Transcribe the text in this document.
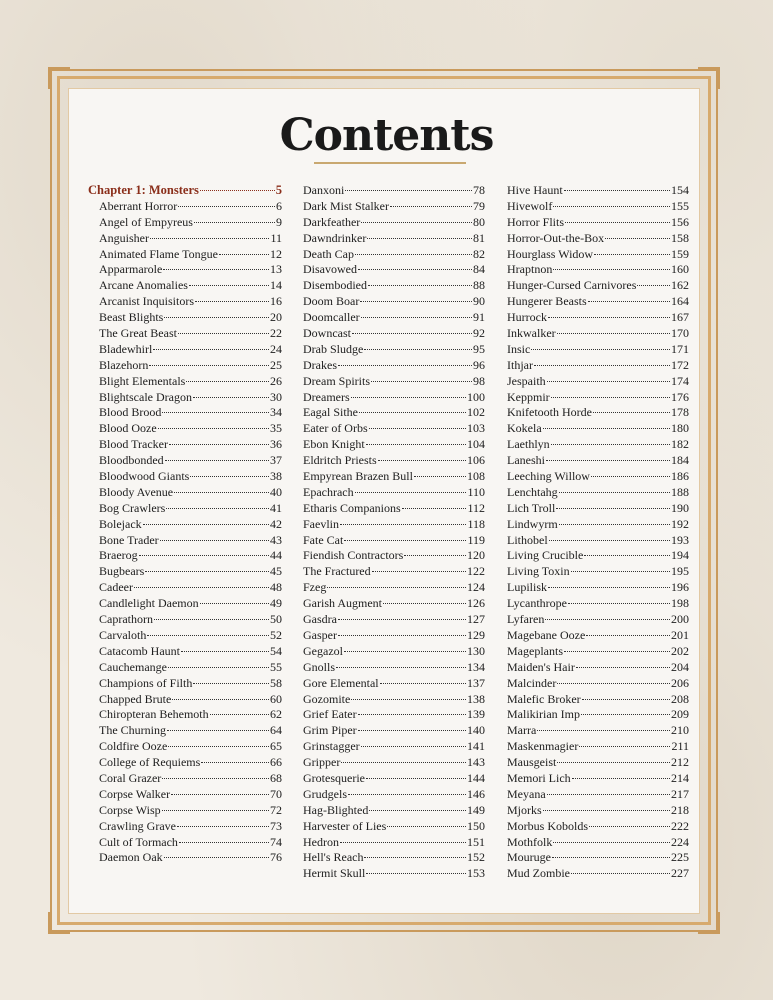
Contents
Chapter 1: Monsters	5
Aberrant Horror	6
Angel of Empyreus	9
Anguisher	11
Animated Flame Tongue	12
Apparmarole	13
Arcane Anomalies	14
Arcanist Inquisitors	16
Beast Blights	20
The Great Beast	22
Bladewhirl	24
Blazehorn	25
Blight Elementals	26
Blightscale Dragon	30
Blood Brood	34
Blood Ooze	35
Blood Tracker	36
Bloodbonded	37
Bloodwood Giants	38
Bloody Avenue	40
Bog Crawlers	41
Bolejack	42
Bone Trader	43
Braerog	44
Bugbears	45
Cadeer	48
Candlelight Daemon	49
Caprathorn	50
Carvaloth	52
Catacomb Haunt	54
Cauchemange	55
Champions of Filth	58
Chapped Brute	60
Chiropteran Behemoth	62
The Churning	64
Coldfire Ooze	65
College of Requiems	66
Coral Grazer	68
Corpse Walker	70
Corpse Wisp	72
Crawling Grave	73
Cult of Tormach	74
Daemon Oak	76
Danxoni	78
Dark Mist Stalker	79
Darkfeather	80
Dawndrinker	81
Death Cap	82
Disavowed	84
Disembodied	88
Doom Boar	90
Doomcaller	91
Downcast	92
Drab Sludge	95
Drakes	96
Dream Spirits	98
Dreamers	100
Eagal Sithe	102
Eater of Orbs	103
Ebon Knight	104
Eldritch Priests	106
Empyrean Brazen Bull	108
Epachrach	110
Etharis Companions	112
Faevlin	118
Fate Cat	119
Fiendish Contractors	120
The Fractured	122
Fzeg	124
Garish Augment	126
Gasdra	127
Gasper	129
Gegazol	130
Gnolls	134
Gore Elemental	137
Gozomite	138
Grief Eater	139
Grim Piper	140
Grinstagger	141
Gripper	143
Grotesquerie	144
Grudgels	146
Hag-Blighted	149
Harvester of Lies	150
Hedron	151
Hell's Reach	152
Hermit Skull	153
Hive Haunt	154
Hivewolf	155
Horror Flits	156
Horror-Out-the-Box	158
Hourglass Widow	159
Hraptnon	160
Hunger-Cursed Carnivores	162
Hungerer Beasts	164
Hurrock	167
Inkwalker	170
Insic	171
Ithjar	172
Jespaith	174
Keppmir	176
Knifetooth Horde	178
Kokela	180
Laethlyn	182
Laneshi	184
Leeching Willow	186
Lenchtahg	188
Lich Troll	190
Lindwyrm	192
Lithobel	193
Living Crucible	194
Living Toxin	195
Lupilisk	196
Lycanthrope	198
Lyfaren	200
Magebane Ooze	201
Mageplants	202
Maiden's Hair	204
Malcinder	206
Malefic Broker	208
Malikirian Imp	209
Marra	210
Maskenmagier	211
Mausgeist	212
Memori Lich	214
Meyana	217
Mjorks	218
Morbus Kobolds	222
Mothfolk	224
Mouruge	225
Mud Zombie	227
